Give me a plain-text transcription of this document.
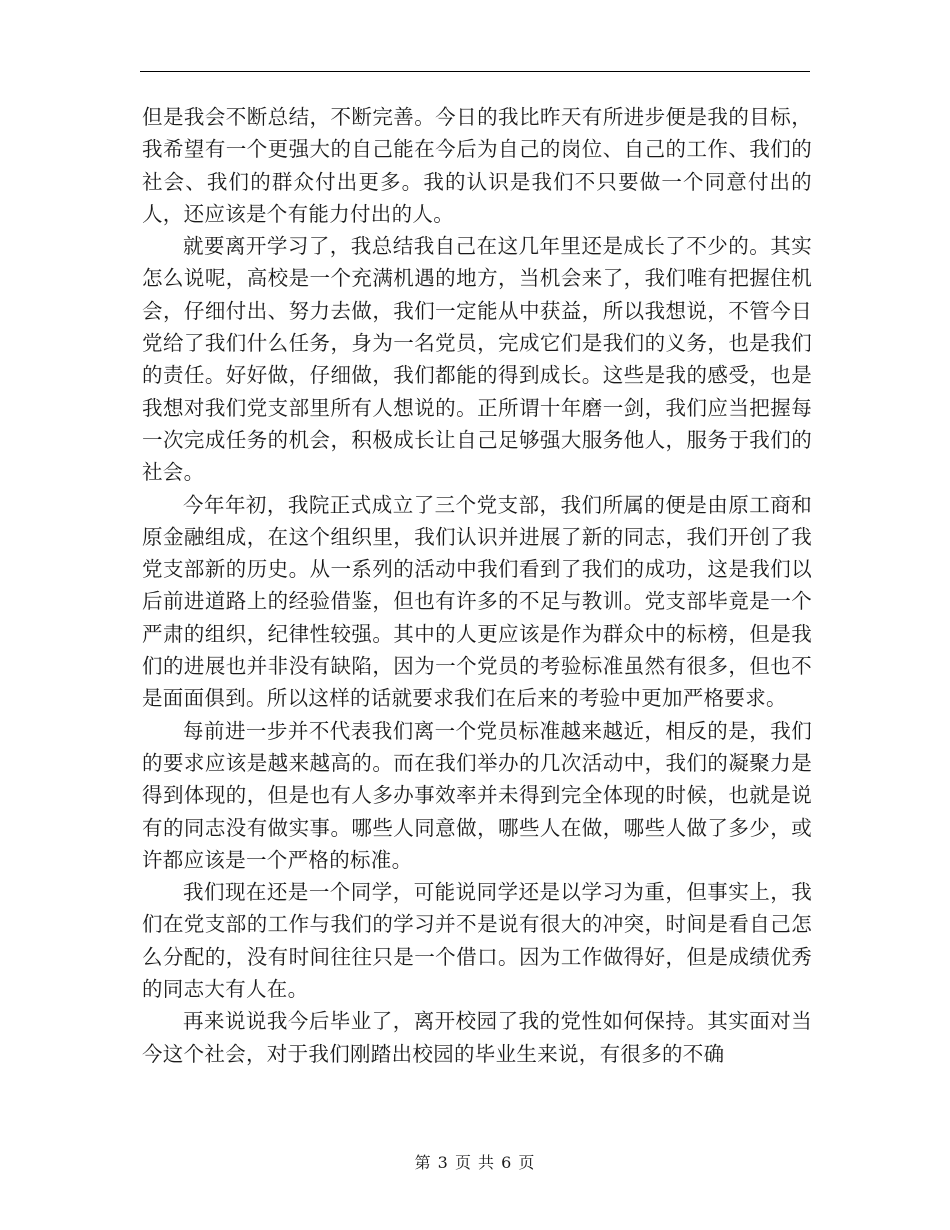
但是我会不断总结，不断完善。今日的我比昨天有所进步便是我的目标，我希望有一个更强大的自己能在今后为自己的岗位、自己的工作、我们的社会、我们的群众付出更多。我的认识是我们不只要做一个同意付出的人，还应该是个有能力付出的人。

就要离开学习了，我总结我自己在这几年里还是成长了不少的。其实怎么说呢，高校是一个充满机遇的地方，当机会来了，我们唯有把握住机会，仔细付出、努力去做，我们一定能从中获益，所以我想说，不管今日党给了我们什么任务，身为一名党员，完成它们是我们的义务，也是我们的责任。好好做，仔细做，我们都能的得到成长。这些是我的感受，也是我想对我们党支部里所有人想说的。正所谓十年磨一剑，我们应当把握每一次完成任务的机会，积极成长让自己足够强大服务他人，服务于我们的社会。

今年年初，我院正式成立了三个党支部，我们所属的便是由原工商和原金融组成，在这个组织里，我们认识并进展了新的同志，我们开创了我党支部新的历史。从一系列的活动中我们看到了我们的成功，这是我们以后前进道路上的经验借鉴，但也有许多的不足与教训。党支部毕竟是一个严肃的组织，纪律性较强。其中的人更应该是作为群众中的标榜，但是我们的进展也并非没有缺陷，因为一个党员的考验标准虽然有很多，但也不是面面俱到。所以这样的话就要求我们在后来的考验中更加严格要求。

每前进一步并不代表我们离一个党员标准越来越近，相反的是，我们的要求应该是越来越高的。而在我们举办的几次活动中，我们的凝聚力是得到体现的，但是也有人多办事效率并未得到完全体现的时候，也就是说有的同志没有做实事。哪些人同意做，哪些人在做，哪些人做了多少，或许都应该是一个严格的标准。

我们现在还是一个同学，可能说同学还是以学习为重，但事实上，我们在党支部的工作与我们的学习并不是说有很大的冲突，时间是看自己怎么分配的，没有时间往往只是一个借口。因为工作做得好，但是成绩优秀的同志大有人在。

再来说说我今后毕业了，离开校园了我的党性如何保持。其实面对当今这个社会，对于我们刚踏出校园的毕业生来说，有很多的不确

第 3 页 共 6 页
